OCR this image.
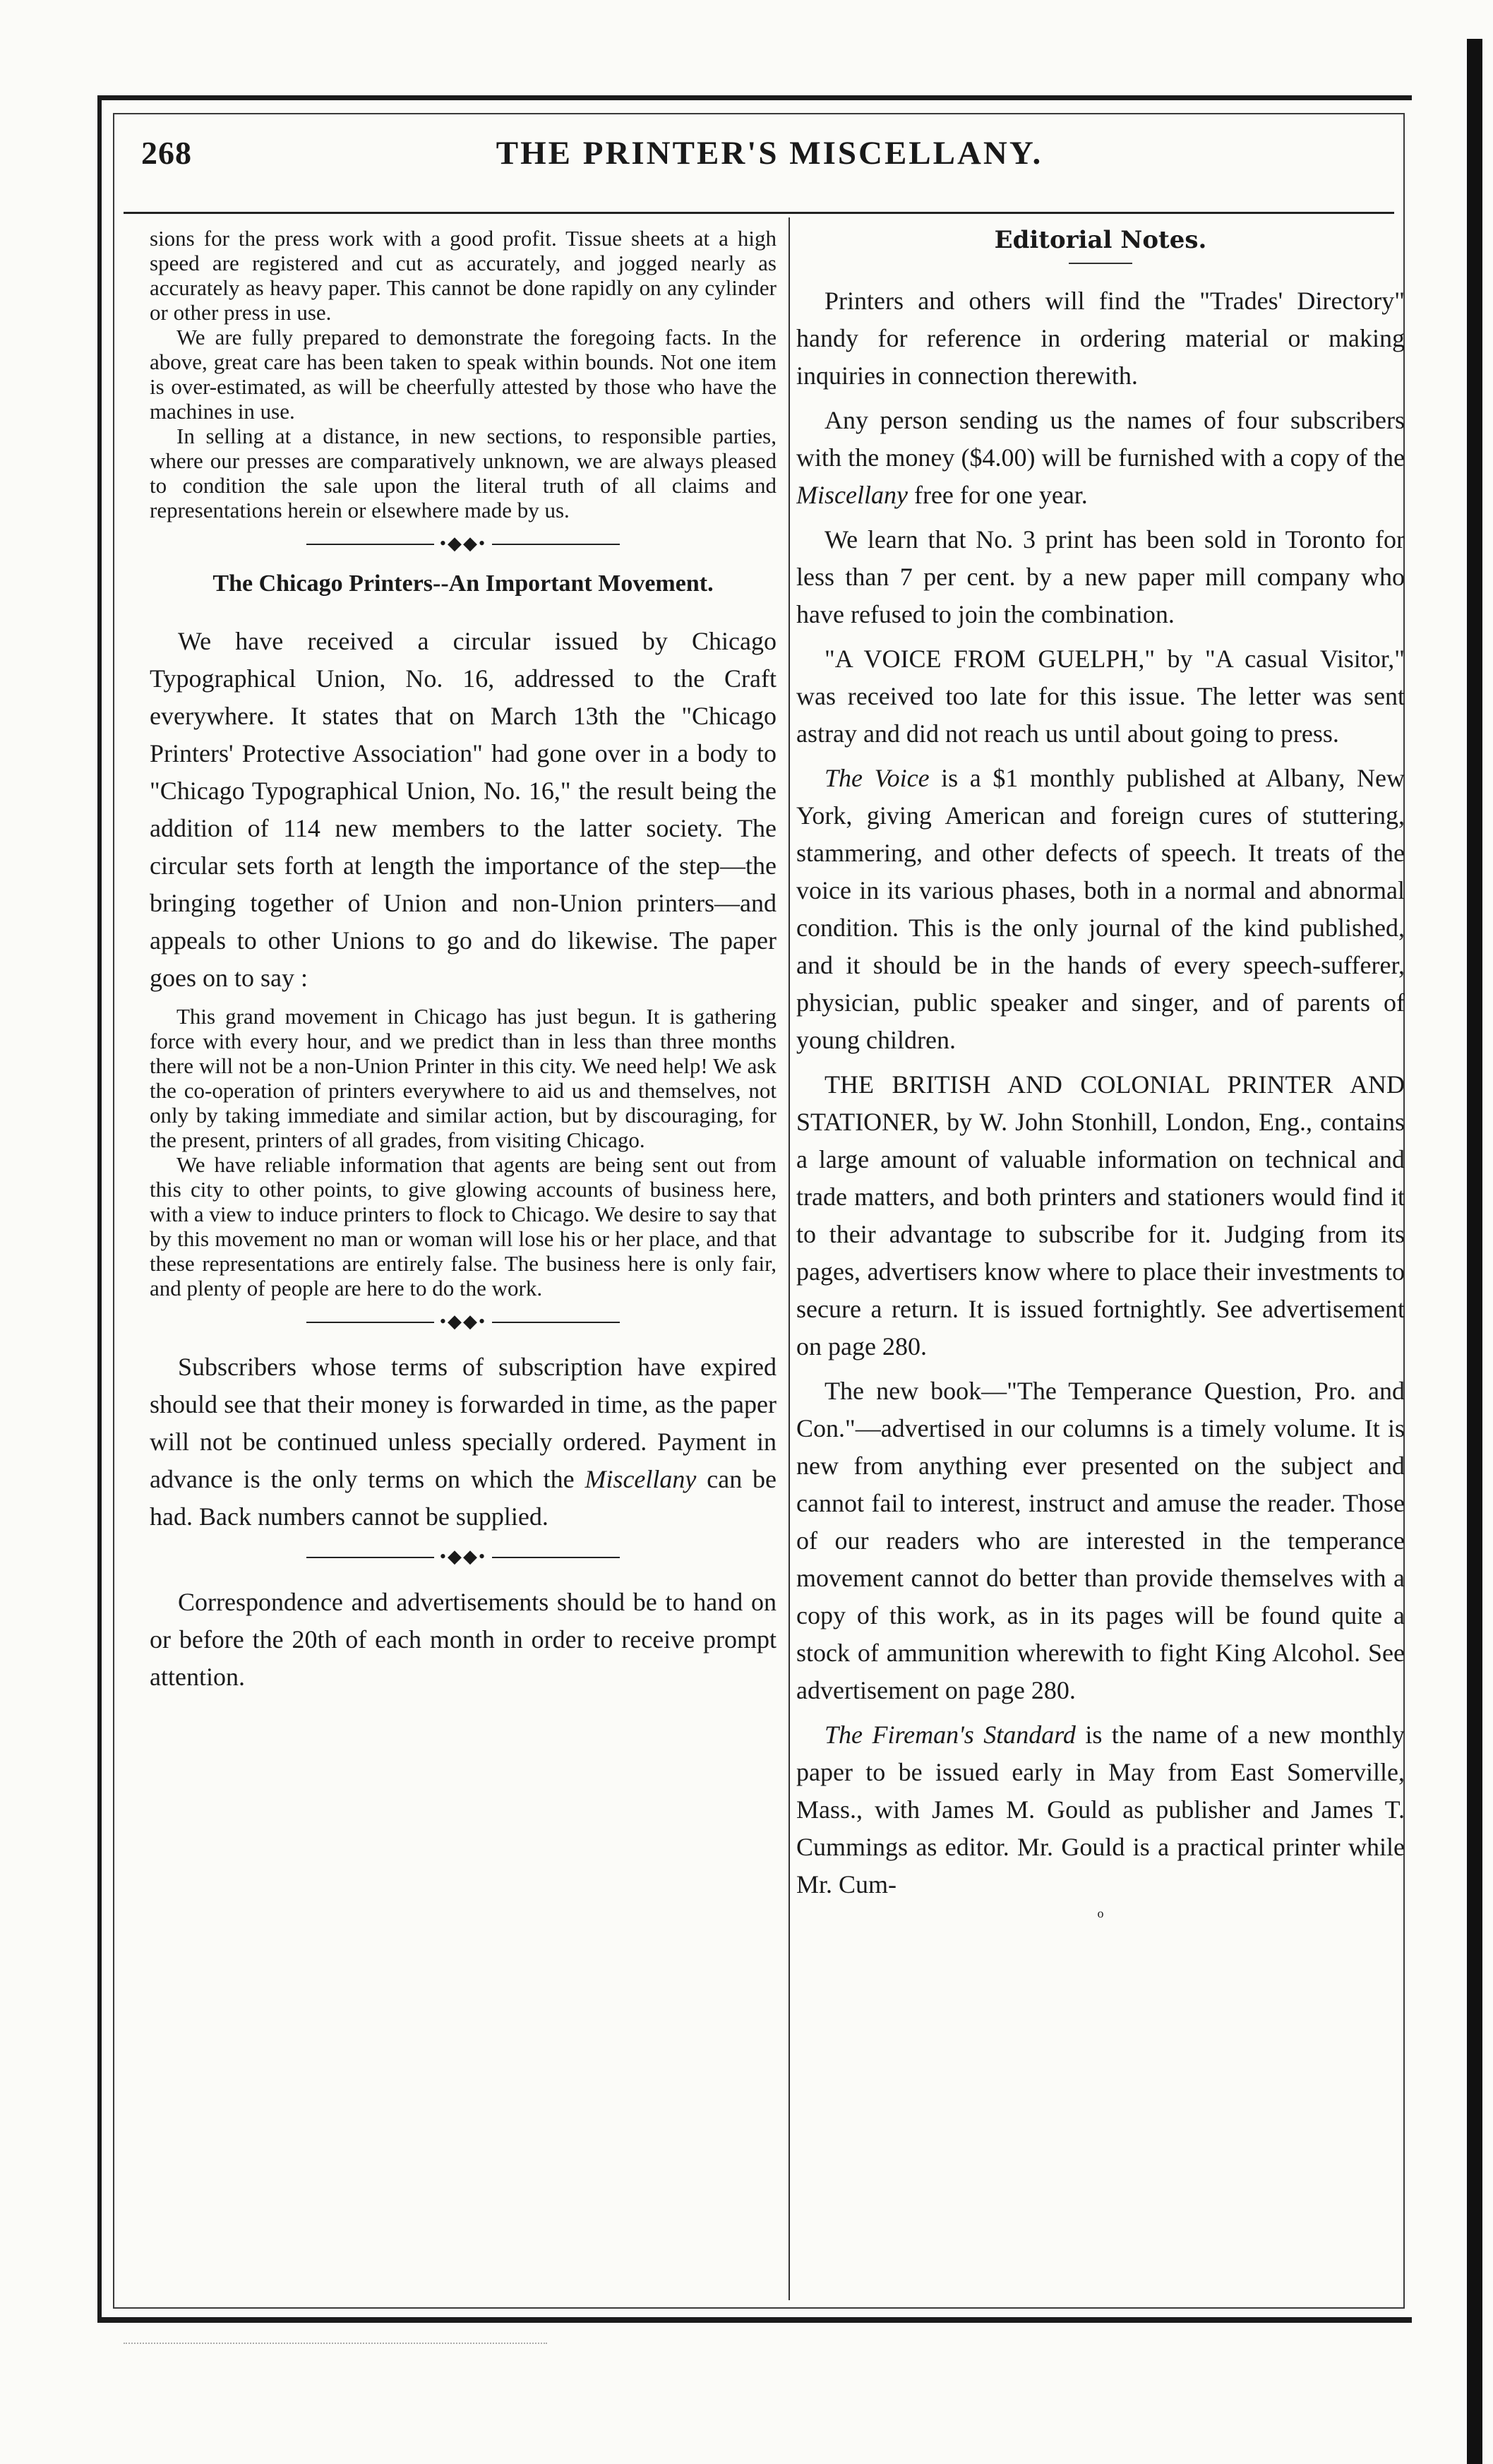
268	THE PRINTER'S MISCELLANY.

sions for the press work with a good profit. Tissue sheets at a high speed are registered and cut as accurately, and jogged nearly as accurately as heavy paper. This cannot be done rapidly on any cylinder or other press in use.

We are fully prepared to demonstrate the foregoing facts. In the above, great care has been taken to speak within bounds. Not one item is over-estimated, as will be cheerfully attested by those who have the machines in use.

In selling at a distance, in new sections, to responsible parties, where our presses are comparatively unknown, we are always pleased to condition the sale upon the literal truth of all claims and representations herein or elsewhere made by us.

•◆◆•
The Chicago Printers--An Important Movement.

We have received a circular issued by Chicago Typographical Union, No. 16, addressed to the Craft everywhere. It states that on March 13th the "Chicago Printers' Protective Association" had gone over in a body to "Chicago Typographical Union, No. 16," the result being the addition of 114 new members to the latter society. The circular sets forth at length the importance of the step—the bringing together of Union and non-Union printers—and appeals to other Unions to go and do likewise. The paper goes on to say :

This grand movement in Chicago has just begun. It is gathering force with every hour, and we predict than in less than three months there will not be a non-Union Printer in this city. We need help! We ask the co-operation of printers everywhere to aid us and themselves, not only by taking immediate and similar action, but by discouraging, for the present, printers of all grades, from visiting Chicago.

We have reliable information that agents are being sent out from this city to other points, to give glowing accounts of business here, with a view to induce printers to flock to Chicago. We desire to say that by this movement no man or woman will lose his or her place, and that these representations are entirely false. The business here is only fair, and plenty of people are here to do the work.

•◆◆•

Subscribers whose terms of subscription have expired should see that their money is forwarded in time, as the paper will not be continued unless specially ordered. Payment in advance is the only terms on which the Miscellany can be had. Back numbers cannot be supplied.

•◆◆•

Correspondence and advertisements should be to hand on or before the 20th of each month in order to receive prompt attention.

Editorial Notes.

Printers and others will find the "Trades' Directory" handy for reference in ordering material or making inquiries in connection therewith.

Any person sending us the names of four subscribers with the money ($4.00) will be furnished with a copy of the Miscellany free for one year.

We learn that No. 3 print has been sold in Toronto for less than 7 per cent. by a new paper mill company who have refused to join the combination.

"A VOICE FROM GUELPH," by "A casual Visitor," was received too late for this issue. The letter was sent astray and did not reach us until about going to press.

The Voice is a $1 monthly published at Albany, New York, giving American and foreign cures of stuttering, stammering, and other defects of speech. It treats of the voice in its various phases, both in a normal and abnormal condition. This is the only journal of the kind published, and it should be in the hands of every speech-sufferer, physician, public speaker and singer, and of parents of young children.

THE BRITISH AND COLONIAL PRINTER AND STATIONER, by W. John Stonhill, London, Eng., contains a large amount of valuable information on technical and trade matters, and both printers and stationers would find it to their advantage to subscribe for it. Judging from its pages, advertisers know where to place their investments to secure a return. It is issued fortnightly. See advertisement on page 280.

The new book—"The Temperance Question, Pro. and Con."—advertised in our columns is a timely volume. It is new from anything ever presented on the subject and cannot fail to interest, instruct and amuse the reader. Those of our readers who are interested in the temperance movement cannot do better than provide themselves with a copy of this work, as in its pages will be found quite a stock of ammunition wherewith to fight King Alcohol. See advertisement on page 280.

The Fireman's Standard is the name of a new monthly paper to be issued early in May from East Somerville, Mass., with James M. Gould as publisher and James T. Cummings as editor. Mr. Gould is a practical printer while Mr. Cum-

o
